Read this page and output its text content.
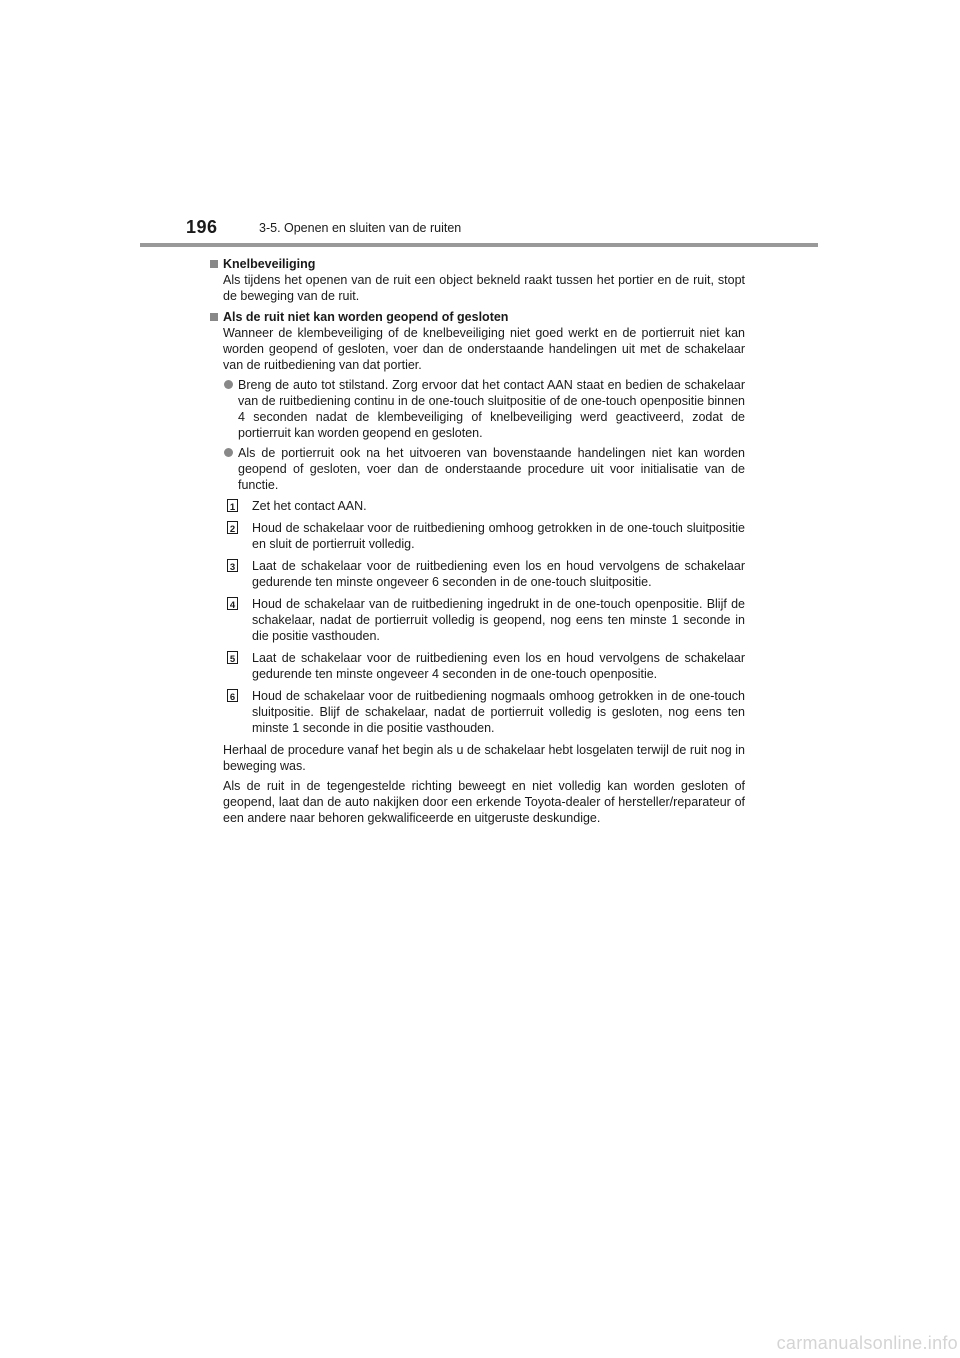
196	3-5. Openen en sluiten van de ruiten
Knelbeveiliging
Als tijdens het openen van de ruit een object bekneld raakt tussen het portier en de ruit, stopt de beweging van de ruit.
Als de ruit niet kan worden geopend of gesloten
Wanneer de klembeveiliging of de knelbeveiliging niet goed werkt en de portierruit niet kan worden geopend of gesloten, voer dan de onderstaande handelingen uit met de schakelaar van de ruitbediening van dat portier.
Breng de auto tot stilstand. Zorg ervoor dat het contact AAN staat en bedien de schakelaar van de ruitbediening continu in de one-touch sluitpositie of de one-touch openpositie binnen 4 seconden nadat de klembeveiliging of knelbeveiliging werd geactiveerd, zodat de portierruit kan worden geopend en gesloten.
Als de portierruit ook na het uitvoeren van bovenstaande handelingen niet kan worden geopend of gesloten, voer dan de onderstaande procedure uit voor initialisatie van de functie.
1 Zet het contact AAN.
2 Houd de schakelaar voor de ruitbediening omhoog getrokken in de one-touch sluitpositie en sluit de portierruit volledig.
3 Laat de schakelaar voor de ruitbediening even los en houd vervolgens de schakelaar gedurende ten minste ongeveer 6 seconden in de one-touch sluitpositie.
4 Houd de schakelaar van de ruitbediening ingedrukt in de one-touch openpositie. Blijf de schakelaar, nadat de portierruit volledig is geopend, nog eens ten minste 1 seconde in die positie vasthouden.
5 Laat de schakelaar voor de ruitbediening even los en houd vervolgens de schakelaar gedurende ten minste ongeveer 4 seconden in de one-touch openpositie.
6 Houd de schakelaar voor de ruitbediening nogmaals omhoog getrokken in de one-touch sluitpositie. Blijf de schakelaar, nadat de portierruit volledig is gesloten, nog eens ten minste 1 seconde in die positie vasthouden.
Herhaal de procedure vanaf het begin als u de schakelaar hebt losgelaten terwijl de ruit nog in beweging was.
Als de ruit in de tegengestelde richting beweegt en niet volledig kan worden gesloten of geopend, laat dan de auto nakijken door een erkende Toyota-dealer of hersteller/reparateur of een andere naar behoren gekwalificeerde en uitgeruste deskundige.
carmanualsonline.info
